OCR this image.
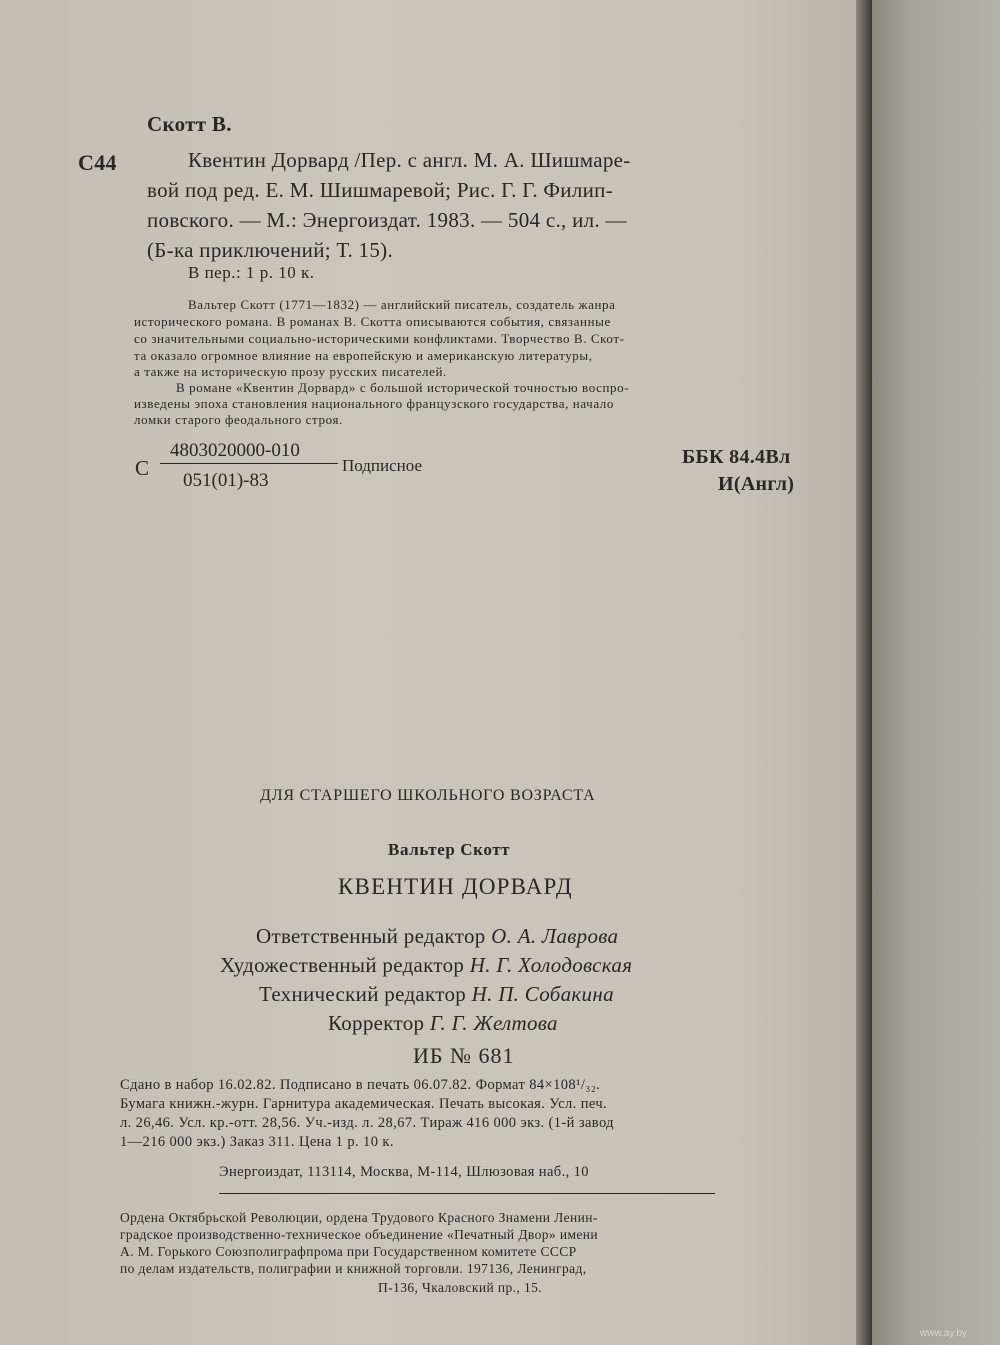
Скотт В.

С44	Квентин Дорвард /Пер. с англ. М. А. Шишмаре-

вой под ред. Е. М. Шишмаревой; Рис. Г. Г. Филип-

повского. — М.: Энергоиздат. 1983. — 504 с., ил. —

(Б-ка приключений; Т. 15).

В пер.: 1 р. 10 к.

Вальтер Скотт (1771—1832) — английский писатель, создатель жанра

исторического романа. В романах В. Скотта описываются события, связанные

со значительными социально-историческими конфликтами. Творчество В. Скот-

та оказало огромное влияние на европейскую и американскую литературы,

а также на историческую прозу русских писателей.

В романе «Квентин Дорвард» с большой исторической точностью воспро-

изведены эпоха становления национального французского государства, начало

ломки старого феодального строя.

С

4803020000-010

051(01)-83

Подписное	ББК 84.4Вл

И(Англ)

ДЛЯ СТАРШЕГО ШКОЛЬНОГО ВОЗРАСТА

Вальтер Скотт

КВЕНТИН ДОРВАРД

Ответственный редактор О. А. Лаврова

Художественный редактор Н. Г. Холодовская

Технический редактор Н. П. Собакина

Корректор Г. Г. Желтова

ИБ № 681

Сдано в набор 16.02.82. Подписано в печать 06.07.82. Формат 84×108¹/₃₂.

Бумага книжн.-журн. Гарнитура академическая. Печать высокая. Усл. печ.

л. 26,46. Усл. кр.-отт. 28,56. Уч.-изд. л. 28,67. Тираж 416 000 экз. (1-й завод

1—216 000 экз.) Заказ 311. Цена 1 р. 10 к.

Энергоиздат, 113114, Москва, М-114, Шлюзовая наб., 10

Ордена Октябрьской Революции, ордена Трудового Красного Знамени Ленин-

градское производственно-техническое объединение «Печатный Двор» имени

А. М. Горького Союзполиграфпрома при Государственном комитете СССР

по делам издательств, полиграфии и книжной торговли. 197136, Ленинград,

П-136, Чкаловский пр., 15.

www.ay.by
